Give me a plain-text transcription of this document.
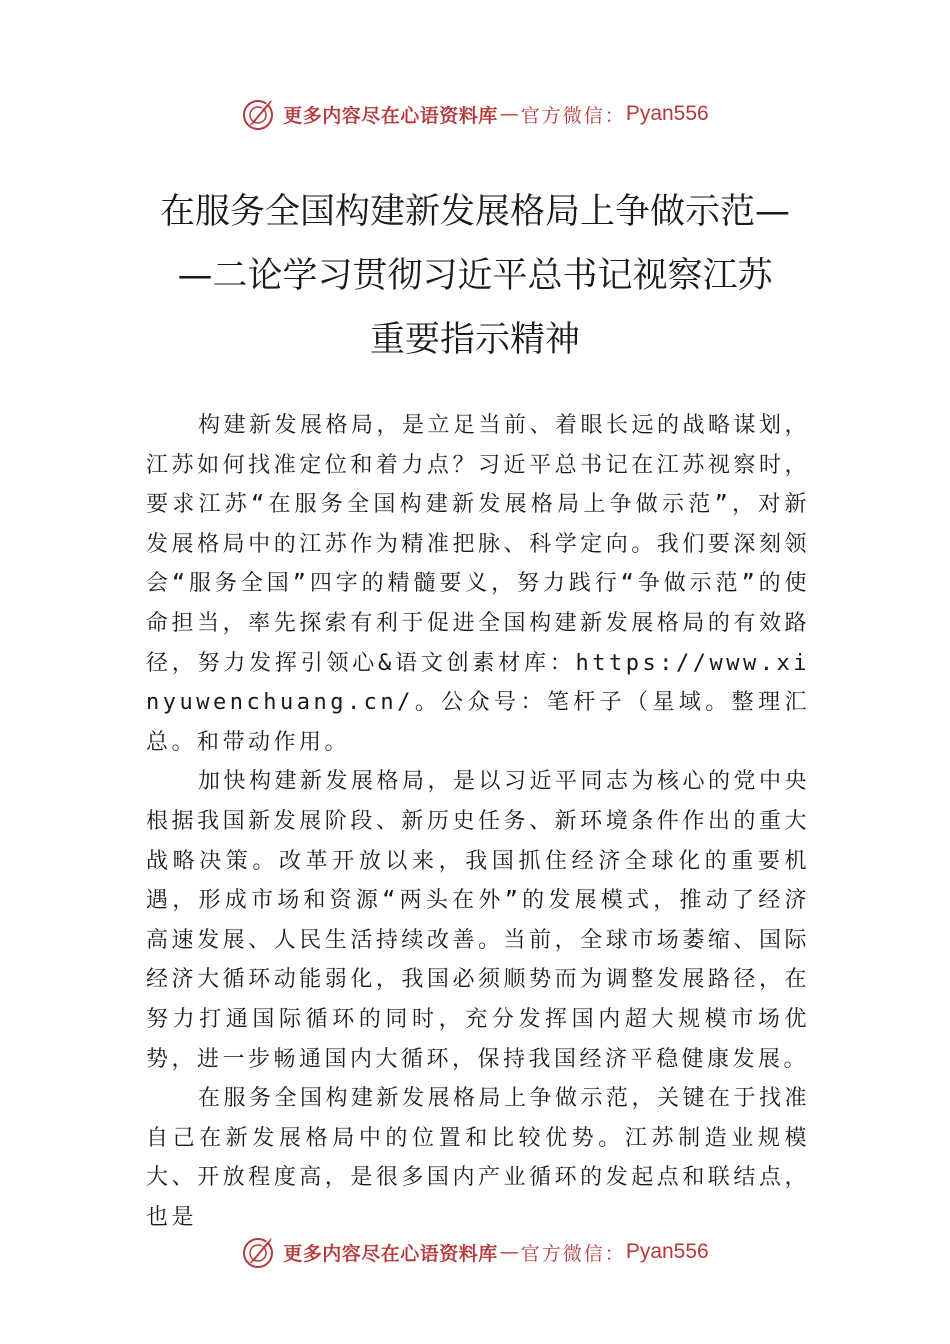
更多内容尽在心语资料库 — 官方微信： Pyan556
在服务全国构建新发展格局上争做示范—
—二论学习贯彻习近平总书记视察江苏
重要指示精神

构建新发展格局，是立足当前、着眼长远的战略谋划，江苏如何找准定位和着力点？习近平总书记在江苏视察时，要求江苏“在服务全国构建新发展格局上争做示范”，对新发展格局中的江苏作为精准把脉、科学定向。我们要深刻领会“服务全国”四字的精髓要义，努力践行“争做示范”的使命担当，率先探索有利于促进全国构建新发展格局的有效路径，努力发挥引领心&语文创素材库：https://www.xinyuwenchuang.cn/。公众号：笔杆子（星域。整理汇总。和带动作用。

加快构建新发展格局，是以习近平同志为核心的党中央根据我国新发展阶段、新历史任务、新环境条件作出的重大战略决策。改革开放以来，我国抓住经济全球化的重要机遇，形成市场和资源“两头在外”的发展模式，推动了经济高速发展、人民生活持续改善。当前，全球市场萎缩、国际经济大循环动能弱化，我国必须顺势而为调整发展路径，在努力打通国际循环的同时，充分发挥国内超大规模市场优势，进一步畅通国内大循环，保持我国经济平稳健康发展。

在服务全国构建新发展格局上争做示范，关键在于找准自己在新发展格局中的位置和比较优势。江苏制造业规模大、开放程度高，是很多国内产业循环的发起点和联结点，也是

更多内容尽在心语资料库 — 官方微信： Pyan556
